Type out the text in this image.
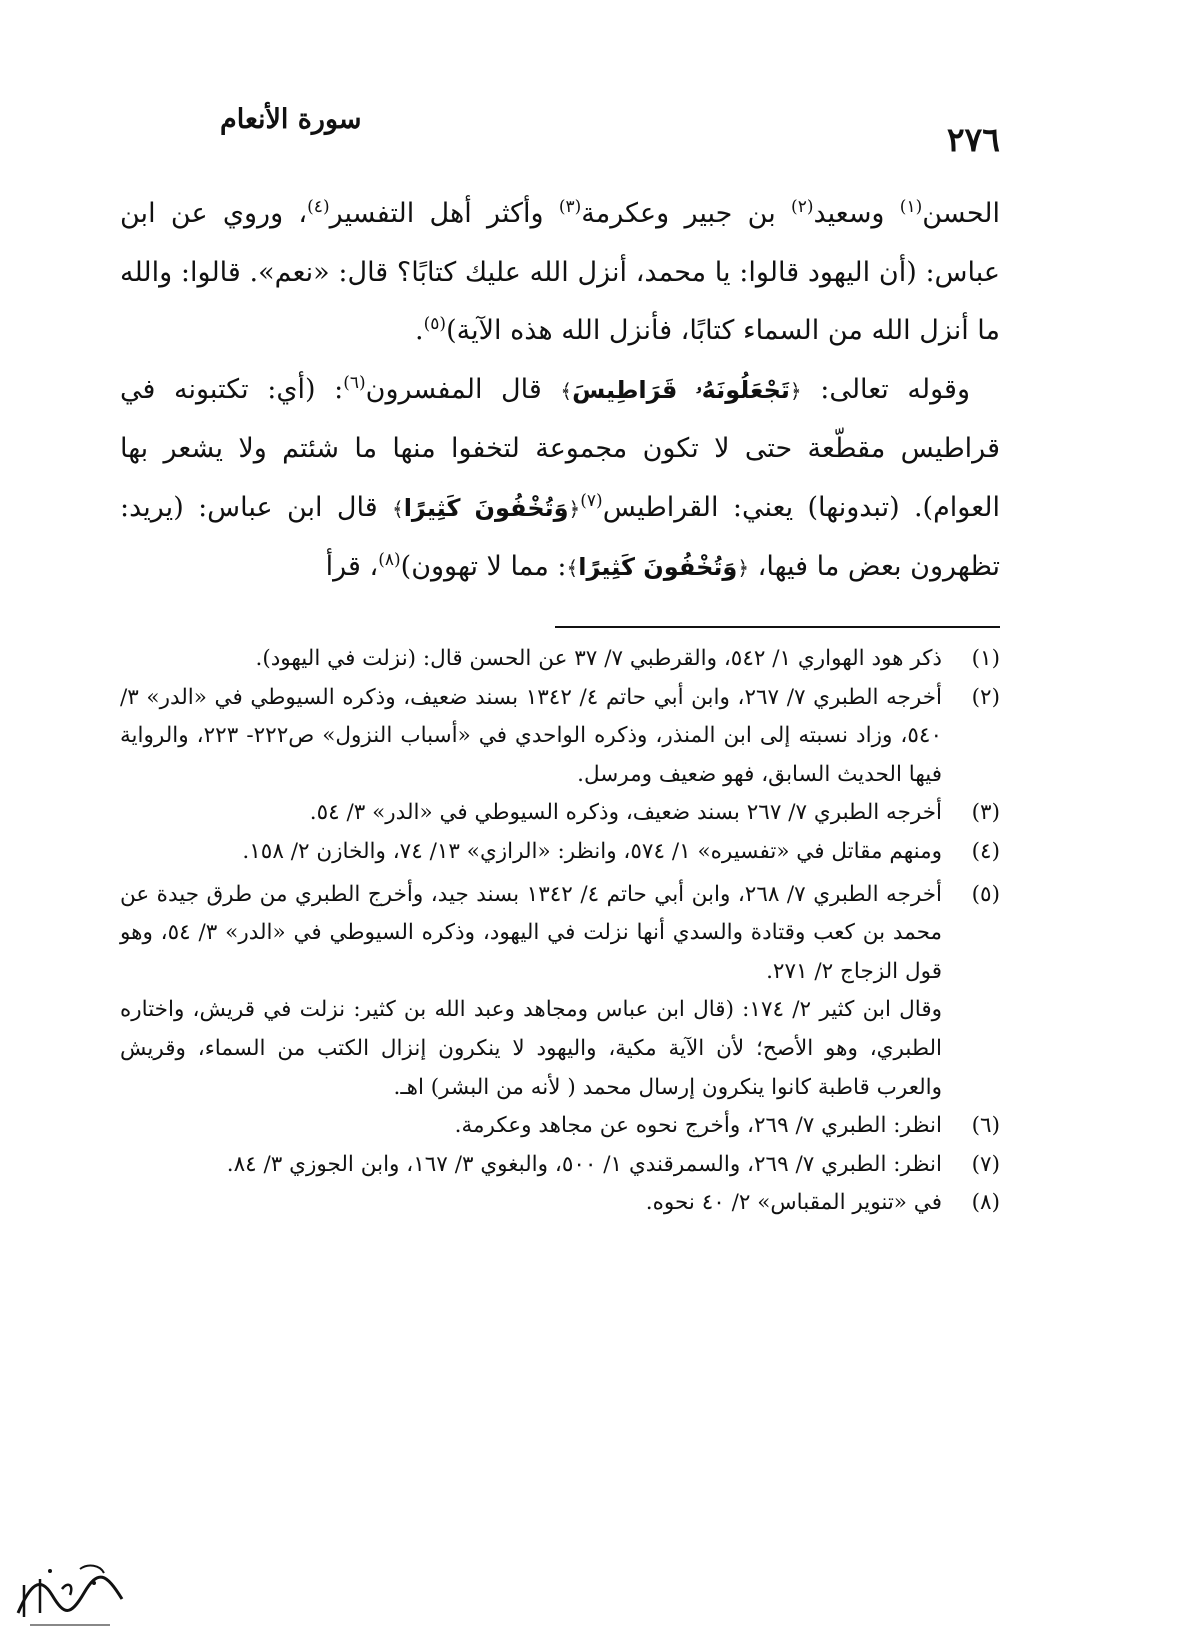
٢٧٦
سورة الأنعام

الحسن$^{(١)}$ وسعيد$^{(٢)}$ بن جبير وعكرمة$^{(٣)}$ وأكثر أهل التفسير$^{(٤)}$، وروي عن ابن عباس: (أن اليهود قالوا: يا محمد، أنزل الله عليك كتابًا؟ قال: «نعم». قالوا: والله ما أنزل الله من السماء كتابًا، فأنزل الله هذه الآية)$^{(٥)}$.

وقوله تعالى: ﴿تَجْعَلُونَهُۥ قَرَاطِيسَ﴾ قال المفسرون$^{(٦)}$: (أي: تكتبونه في قراطيس مقطّعة حتى لا تكون مجموعة لتخفوا منها ما شئتم ولا يشعر بها العوام). (تبدونها) يعني: القراطيس$^{(٧)}$﴿وَتُخْفُونَ كَثِيرًا﴾ قال ابن عباس: (يريد: تظهرون بعض ما فيها، ﴿وَتُخْفُونَ كَثِيرًا﴾: مما لا تهوون)$^{(٨)}$، قرأ

(١)

ذكر هود الهواري ١/ ٥٤٢، والقرطبي ٧/ ٣٧ عن الحسن قال: (نزلت في اليهود).

(٢)

أخرجه الطبري ٧/ ٢٦٧، وابن أبي حاتم ٤/ ١٣٤٢ بسند ضعيف، وذكره السيوطي في «الدر» ٣/ ٥٤٠، وزاد نسبته إلى ابن المنذر، وذكره الواحدي في «أسباب النزول» ص٢٢٢- ٢٢٣، والرواية فيها الحديث السابق، فهو ضعيف ومرسل.

(٣)

أخرجه الطبري ٧/ ٢٦٧ بسند ضعيف، وذكره السيوطي في «الدر» ٣/ ٥٤.

(٤)

ومنهم مقاتل في «تفسيره» ١/ ٥٧٤، وانظر: «الرازي» ١٣/ ٧٤، والخازن ٢/ ١٥٨.

(٥)

أخرجه الطبري ٧/ ٢٦٨، وابن أبي حاتم ٤/ ١٣٤٢ بسند جيد، وأخرج الطبري من طرق جيدة عن محمد بن كعب وقتادة والسدي أنها نزلت في اليهود، وذكره السيوطي في «الدر» ٣/ ٥٤، وهو قول الزجاج ٢/ ٢٧١.

وقال ابن كثير ٢/ ١٧٤: (قال ابن عباس ومجاهد وعبد الله بن كثير: نزلت في قريش، واختاره الطبري، وهو الأصح؛ لأن الآية مكية، واليهود لا ينكرون إنزال الكتب من السماء، وقريش والعرب قاطبة كانوا ينكرون إرسال محمد ( لأنه من البشر) اهـ.

(٦)

انظر: الطبري ٧/ ٢٦٩، وأخرج نحوه عن مجاهد وعكرمة.

(٧)

انظر: الطبري ٧/ ٢٦٩، والسمرقندي ١/ ٥٠٠، والبغوي ٣/ ١٦٧، وابن الجوزي ٣/ ٨٤.

(٨)

في «تنوير المقباس» ٢/ ٤٠ نحوه.
